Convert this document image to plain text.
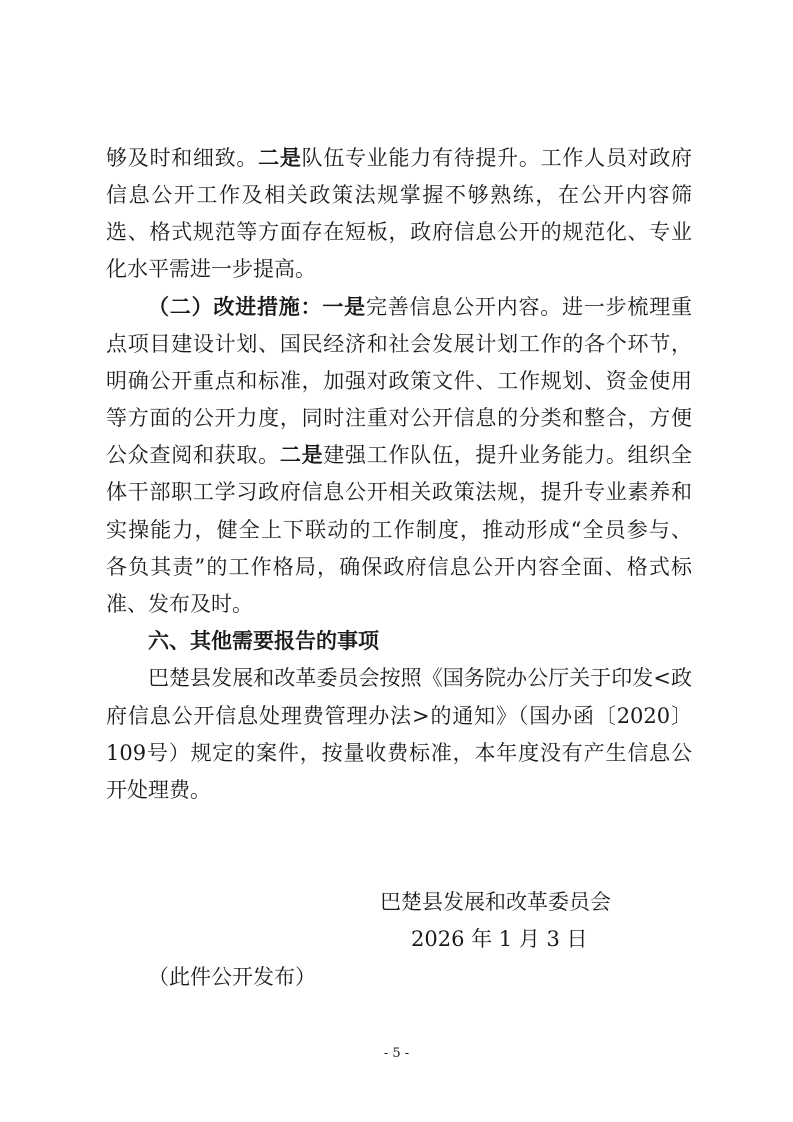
够及时和细致。二是队伍专业能力有待提升。工作人员对政府
信息公开工作及相关政策法规掌握不够熟练，在公开内容筛
选、格式规范等方面存在短板，政府信息公开的规范化、专业
化水平需进一步提高。
（二）改进措施：一是完善信息公开内容。进一步梳理重
点项目建设计划、国民经济和社会发展计划工作的各个环节，
明确公开重点和标准，加强对政策文件、工作规划、资金使用
等方面的公开力度，同时注重对公开信息的分类和整合，方便
公众查阅和获取。二是建强工作队伍，提升业务能力。组织全
体干部职工学习政府信息公开相关政策法规，提升专业素养和
实操能力，健全上下联动的工作制度，推动形成“全员参与、
各负其责”的工作格局，确保政府信息公开内容全面、格式标
准、发布及时。
六、其他需要报告的事项
巴楚县发展和改革委员会按照《国务院办公厅关于印发<政
府信息公开信息处理费管理办法>的通知》（国办函〔2020〕
109号）规定的案件，按量收费标准，本年度没有产生信息公
开处理费。
巴楚县发展和改革委员会
2026 年 1 月 3 日
（此件公开发布）
- 5 -
